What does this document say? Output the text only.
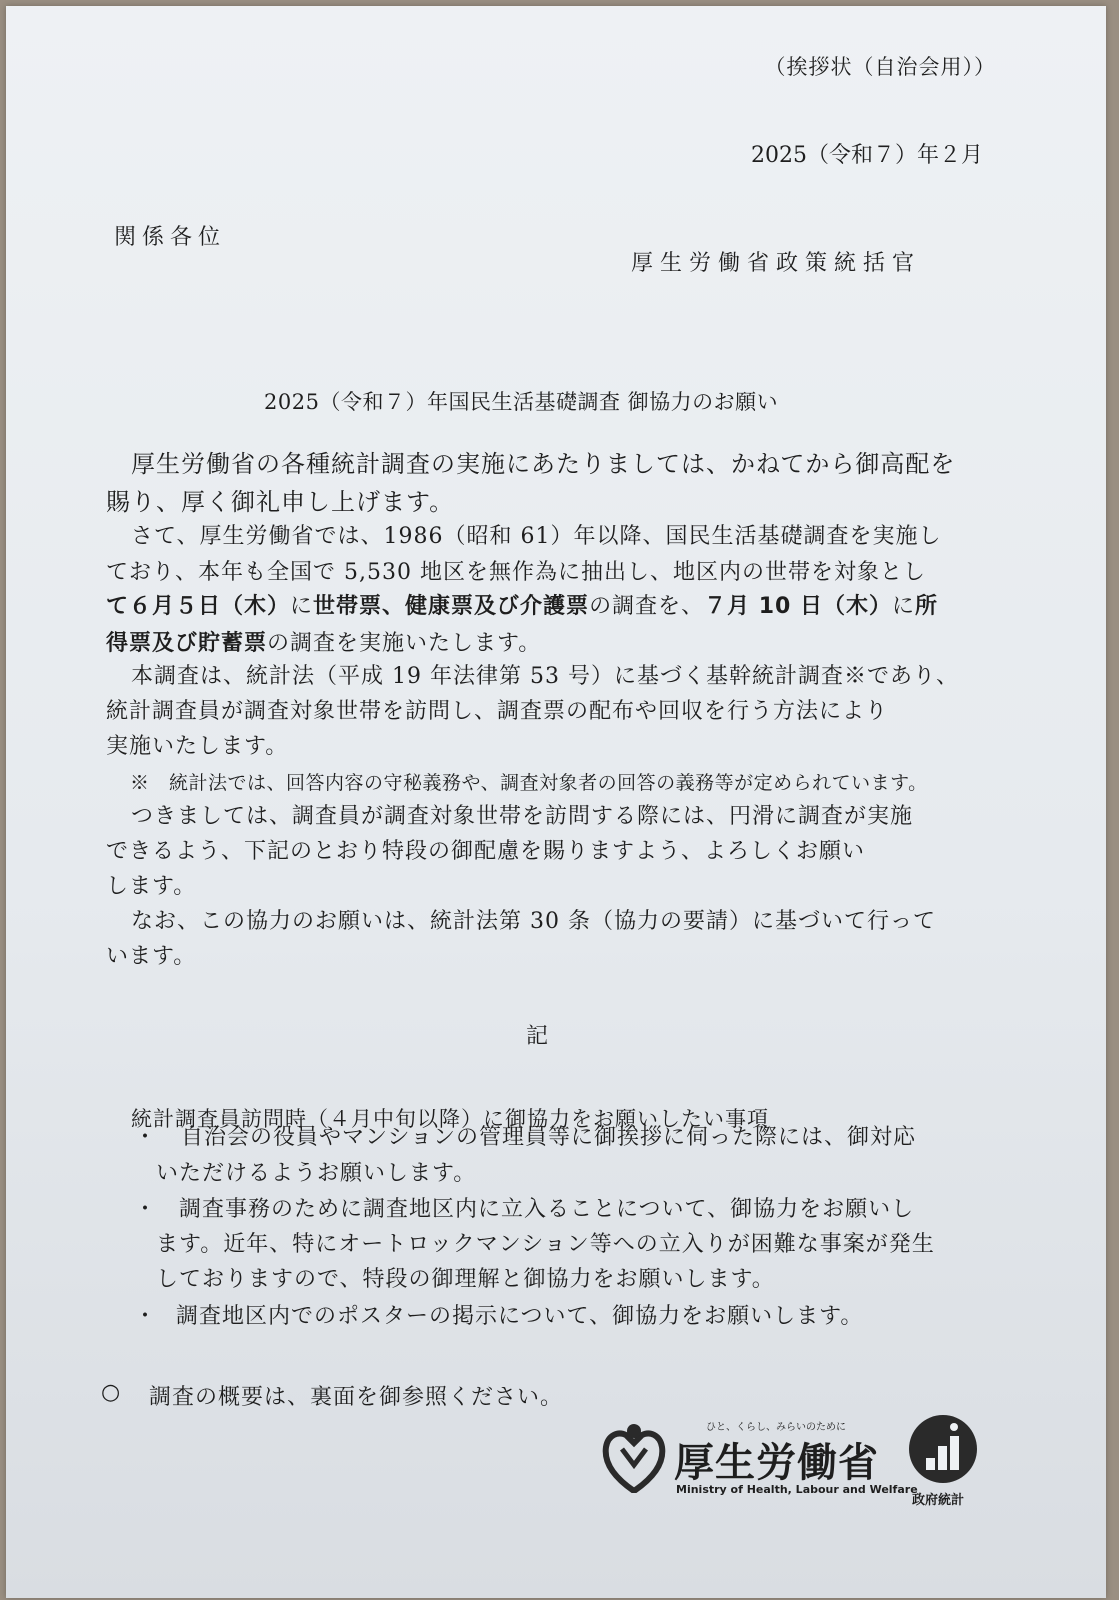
（挨拶状（自治会用））
2025（令和７）年２月
関係各位
厚生労働省政策統括官
2025（令和７）年国民生活基礎調査 御協力のお願い
厚生労働省の各種統計調査の実施にあたりましては、かねてから御高配を
賜り、厚く御礼申し上げます。
さて、厚生労働省では、1986（昭和 61）年以降、国民生活基礎調査を実施し
ており、本年も全国で 5,530 地区を無作為に抽出し、地区内の世帯を対象とし
て６月５日（木）に世帯票、健康票及び介護票の調査を、７月 10 日（木）に所
得票及び貯蓄票の調査を実施いたします。
本調査は、統計法（平成 19 年法律第 53 号）に基づく基幹統計調査※であり、
統計調査員が調査対象世帯を訪問し、調査票の配布や回収を行う方法により
実施いたします。
※　統計法では、回答内容の守秘義務や、調査対象者の回答の義務等が定められています。
つきましては、調査員が調査対象世帯を訪問する際には、円滑に調査が実施
できるよう、下記のとおり特段の御配慮を賜りますよう、よろしくお願い
します。
なお、この協力のお願いは、統計法第 30 条（協力の要請）に基づいて行って
います。
記
統計調査員訪問時（４月中旬以降）に御協力をお願いしたい事項
・ 自治会の役員やマンションの管理員等に御挨拶に伺った際には、御対応
いただけるようお願いします。
・ 調査事務のために調査地区内に立入ることについて、御協力をお願いし
ます。近年、特にオートロックマンション等への立入りが困難な事案が発生
しておりますので、特段の御理解と御協力をお願いします。
・ 調査地区内でのポスターの掲示について、御協力をお願いします。
○ 調査の概要は、裏面を御参照ください。
ひと、くらし、みらいのために
厚生労働省
Ministry of Health, Labour and Welfare
政府統計
